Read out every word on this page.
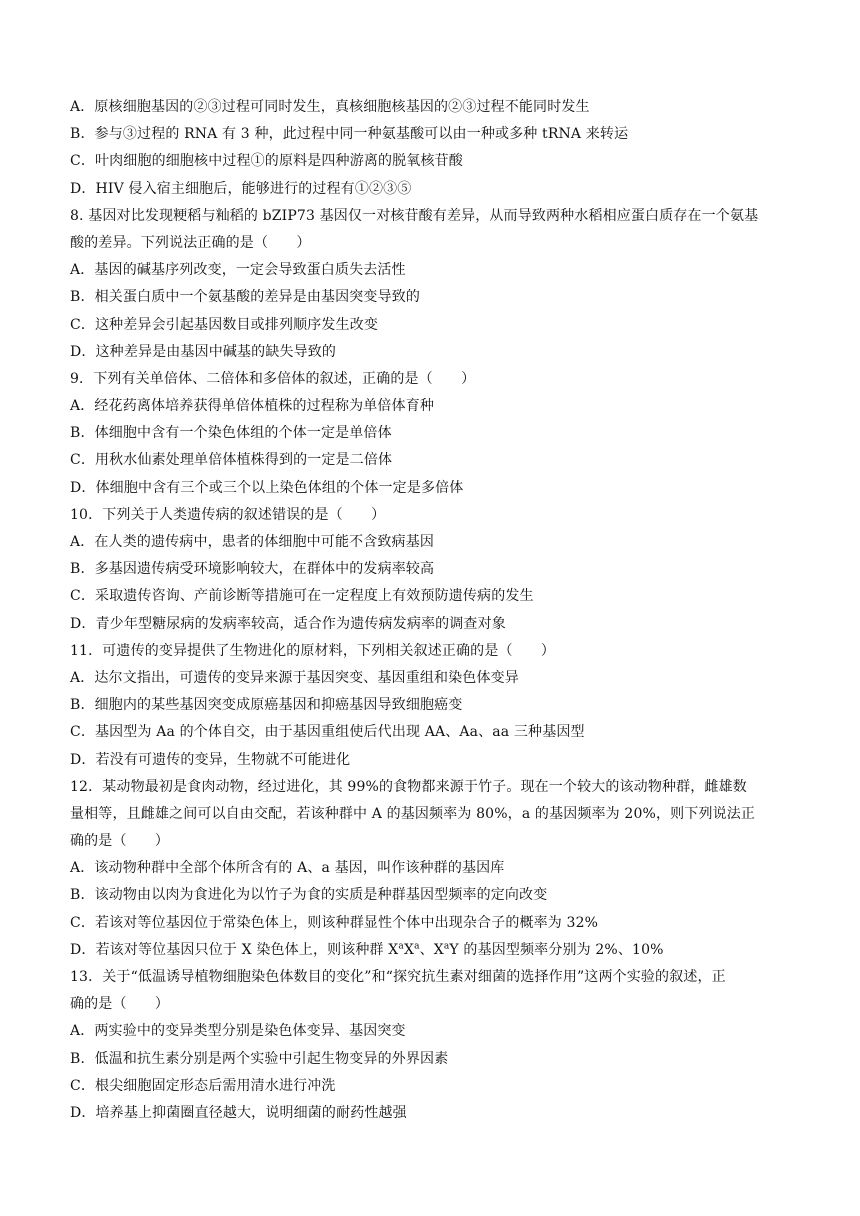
A．原核细胞基因的②③过程可同时发生，真核细胞核基因的②③过程不能同时发生
B．参与③过程的 RNA 有 3 种，此过程中同一种氨基酸可以由一种或多种 tRNA 来转运
C．叶肉细胞的细胞核中过程①的原料是四种游离的脱氧核苷酸
D．HIV 侵入宿主细胞后，能够进行的过程有①②③⑤
8. 基因对比发现粳稻与籼稻的 bZIP73 基因仅一对核苷酸有差异，从而导致两种水稻相应蛋白质存在一个氨基
酸的差异。下列说法正确的是（　　）
A．基因的碱基序列改变，一定会导致蛋白质失去活性
B．相关蛋白质中一个氨基酸的差异是由基因突变导致的
C．这种差异会引起基因数目或排列顺序发生改变
D．这种差异是由基因中碱基的缺失导致的
9．下列有关单倍体、二倍体和多倍体的叙述，正确的是（　　）
A．经花药离体培养获得单倍体植株的过程称为单倍体育种
B．体细胞中含有一个染色体组的个体一定是单倍体
C．用秋水仙素处理单倍体植株得到的一定是二倍体
D．体细胞中含有三个或三个以上染色体组的个体一定是多倍体
10．下列关于人类遗传病的叙述错误的是（　　）
A．在人类的遗传病中，患者的体细胞中可能不含致病基因
B．多基因遗传病受环境影响较大，在群体中的发病率较高
C．采取遗传咨询、产前诊断等措施可在一定程度上有效预防遗传病的发生
D．青少年型糖尿病的发病率较高，适合作为遗传病发病率的调查对象
11．可遗传的变异提供了生物进化的原材料，下列相关叙述正确的是（　　）
A．达尔文指出，可遗传的变异来源于基因突变、基因重组和染色体变异
B．细胞内的某些基因突变成原癌基因和抑癌基因导致细胞癌变
C．基因型为 Aa 的个体自交，由于基因重组使后代出现 AA、Aa、aa 三种基因型
D．若没有可遗传的变异，生物就不可能进化
12．某动物最初是食肉动物，经过进化，其 99%的食物都来源于竹子。现在一个较大的该动物种群，雌雄数
量相等，且雌雄之间可以自由交配，若该种群中 A 的基因频率为 80%，a 的基因频率为 20%，则下列说法正
确的是（　　）
A．该动物种群中全部个体所含有的 A、a 基因，叫作该种群的基因库
B．该动物由以肉为食进化为以竹子为食的实质是种群基因型频率的定向改变
C．若该对等位基因位于常染色体上，则该种群显性个体中出现杂合子的概率为 32%
D．若该对等位基因只位于 X 染色体上，则该种群 $X^aX^a$、$X^aY$ 的基因型频率分别为 2%、10%
13．关于“低温诱导植物细胞染色体数目的变化”和“探究抗生素对细菌的选择作用”这两个实验的叙述，正
确的是（　　）
A．两实验中的变异类型分别是染色体变异、基因突变
B．低温和抗生素分别是两个实验中引起生物变异的外界因素
C．根尖细胞固定形态后需用清水进行冲洗
D．培养基上抑菌圈直径越大，说明细菌的耐药性越强
